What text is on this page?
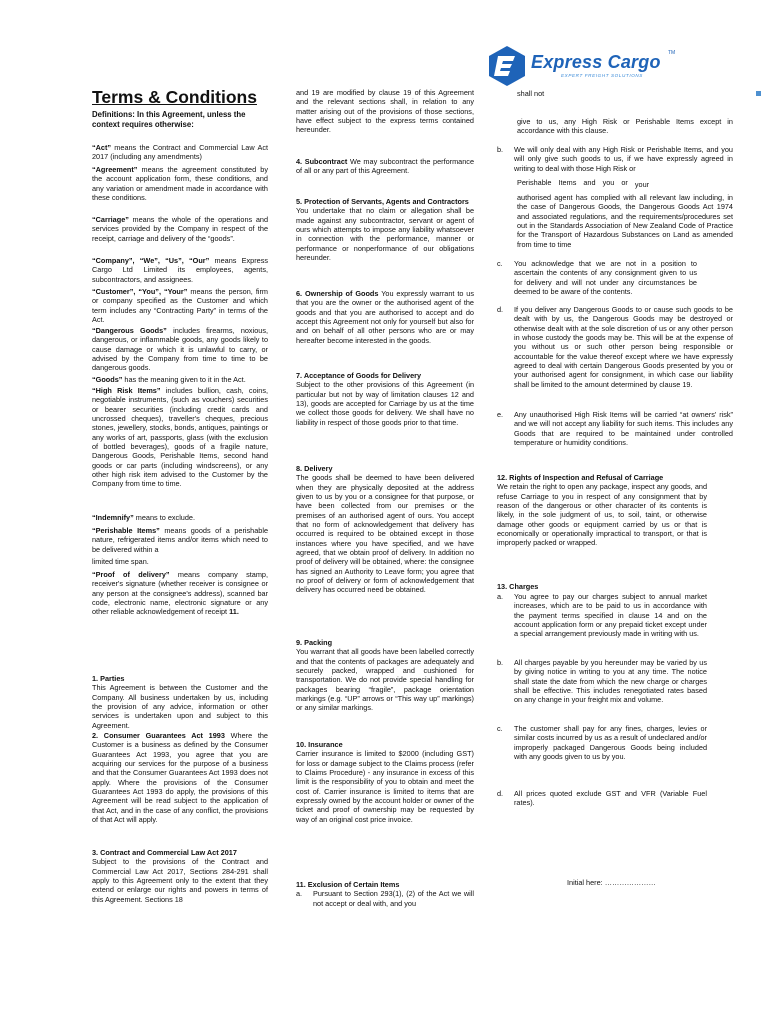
Express Cargo TM
EXPERT FREIGHT SOLUTIONS
Terms & Conditions
Definitions: In this Agreement, unless the context requires otherwise:
“Act” means the Contract and Commercial Law Act 2017 (including any amendments)
“Agreement” means the agreement constituted by the account application form, these conditions, and any variation or amendment made in accordance with these conditions.
“Carriage” means the whole of the operations and services provided by the Company in respect of the receipt, carriage and delivery of the “goods”.
“Company”, “We”, “Us”, “Our” means Express Cargo Ltd Limited its employees, agents, subcontractors, and assignees.
“Customer”, “You”, “Your” means the person, firm or company specified as the Customer and which term includes any “Contracting Party” in terms of the Act.
“Dangerous Goods” includes firearms, noxious, dangerous, or inflammable goods, any goods likely to cause damage or which it is unlawful to carry, or advised by the Company from time to time to be dangerous goods.
“Goods” has the meaning given to it in the Act.
“High Risk Items” includes bullion, cash, coins, negotiable instruments, (such as vouchers) securities or bearer securities (including credit cards and uncrossed cheques), traveller's cheques, precious stones, jewellery, stocks, bonds, antiques, paintings or any works of art, passports, glass (with the exclusion of bottled beverages), goods of a fragile nature, Dangerous Goods, Perishable Items, second hand goods or car parts (including windscreens), or any other high risk item advised to the Customer by the Company from time to time.
“Indemnify” means to exclude.
“Perishable Items” means goods of a perishable nature, refrigerated items and/or items which need to be delivered within a
limited time span.
“Proof of delivery” means company stamp, receiver's signature (whether receiver is consignee or any person at the consignee's address), scanned bar code, electronic name, electronic signature or any other reliable acknowledgement of receipt 11.
1. Parties
This Agreement is between the Customer and the Company. All business undertaken by us, including the provision of any advice, information or other services is undertaken upon and subject to this Agreement.
2. Consumer Guarantees Act 1993 Where the Customer is a business as defined by the Consumer Guarantees Act 1993, you agree that you are acquiring our services for the purpose of a business and that the Consumer Guarantees Act 1993 does not apply. Where the provisions of the Consumer Guarantees Act 1993 do apply, the provisions of this Agreement will be read subject to the application of that Act, and in the case of any conflict, the provisions of that Act will apply.
3. Contract and Commercial Law Act 2017
Subject to the provisions of the Contract and Commercial Law Act 2017, Sections 284-291 shall apply to this Agreement only to the extent that they extend or enlarge our rights and powers in terms of this Agreement. Sections 18
and 19 are modified by clause 19 of this Agreement and the relevant sections shall, in relation to any matter arising out of the provisions of those sections, have effect subject to the express terms contained hereunder.
4. Subcontract We may subcontract the performance of all or any part of this Agreement.
5. Protection of Servants, Agents and Contractors
You undertake that no claim or allegation shall be made against any subcontractor, servant or agent of ours which attempts to impose any liability whatsoever in connection with the performance, manner or performance or nonperformance of our obligations hereunder.
6. Ownership of Goods You expressly warrant to us that you are the owner or the authorised agent of the goods and that you are authorised to accept and do accept this Agreement not only for yourself but also for and on behalf of all other persons who are or may hereafter become interested in the goods.
7. Acceptance of Goods for Delivery
Subject to the other provisions of this Agreement (in particular but not by way of limitation clauses 12 and 13), goods are accepted for Carriage by us at the time we collect those goods for delivery. We shall have no liability in respect of those goods prior to that time.
8. Delivery
The goods shall be deemed to have been delivered when they are physically deposited at the address given to us by you or a consignee for that purpose, or have been collected from our premises or the premises of an authorised agent of ours. You accept that no form of acknowledgement that delivery has occurred is required to be obtained except in those instances where you have specified, and we have agreed, that we obtain proof of delivery. In addition no proof of delivery will be obtained, where: the consignee has signed an Authority to Leave form; you agree that no proof of delivery or form of acknowledgement that delivery has occurred need be obtained.
9. Packing
You warrant that all goods have been labelled correctly and that the contents of packages are adequately and securely packed, wrapped and cushioned for transportation. We do not provide special handling for packages bearing “fragile”, package orientation markings (e.g. “UP” arrows or “This way up” markings) or any similar markings.
10. Insurance
Carrier insurance is limited to $2000 (including GST) for loss or damage subject to the Claims process (refer to Claims Procedure) - any insurance in excess of this limit is the responsibility of you to obtain and meet the cost of. Carrier insurance is limited to items that are expressly owned by the account holder or owner of the ticket and proof of ownership may be requested by way of an original cost price invoice.
11. Exclusion of Certain Items
a.	Pursuant to Section 293(1), (2) of the Act we will not accept or deal with, and you
shall not
give to us, any High Risk or Perishable Items except in accordance with this clause.
b.	We will only deal with any High Risk or Perishable Items, and you will only give such goods to us, if we have expressly agreed in writing to deal with those High Risk or
Perishable Items and you or your
authorised agent has complied with all relevant law including, in the case of Dangerous Goods, the Dangerous Goods Act 1974 and associated regulations, and the requirements/procedures set out in the Standards Association of New Zealand Code of Practice for the Transport of Hazardous Substances on Land as amended from time to time
c.	You acknowledge that we are not in a position to ascertain the contents of any consignment given to us for delivery and will not under any circumstances be deemed to be aware of the contents.
d.	If you deliver any Dangerous Goods to or cause such goods to be dealt with by us, the Dangerous Goods may be destroyed or otherwise dealt with at the sole discretion of us or any other person in whose custody the goods may be. This will be at the expense of you without us or such other person being responsible or accountable for the value thereof except where we have expressly agreed to deal with certain Dangerous Goods presented by you or your authorised agent for consignment, in which case our liability shall be limited to the amount determined by clause 19.
e.	Any unauthorised High Risk Items will be carried “at owners' risk” and we will not accept any liability for such items. This includes any Goods that are required to be maintained under controlled temperature or humidity conditions.
12. Rights of Inspection and Refusal of Carriage
We retain the right to open any package, inspect any goods, and refuse Carriage to you in respect of any consignment that by reason of the dangerous or other character of its contents is likely, in the sole judgment of us, to soil, taint, or otherwise damage other goods or equipment carried by us or that is economically or operationally impractical to transport, or that is improperly packed or wrapped.
13. Charges
a.	You agree to pay our charges subject to annual market increases, which are to be paid to us in accordance with the payment terms specified in clause 14 and on the account application form or any prepaid ticket except under a special arrangement previously made in writing with us.
b.	All charges payable by you hereunder may be varied by us by giving notice in writing to you at any time. The notice shall state the date from which the new charge or charges shall be effective. This includes renegotiated rates based on any change in your freight mix and volume.
c.	The customer shall pay for any fines, charges, levies or similar costs incurred by us as a result of undeclared and/or improperly packaged Dangerous Goods being included with any goods given to us by you.
d.	All prices quoted exclude GST and VFR (Variable Fuel rates).
Initial here: …………………
